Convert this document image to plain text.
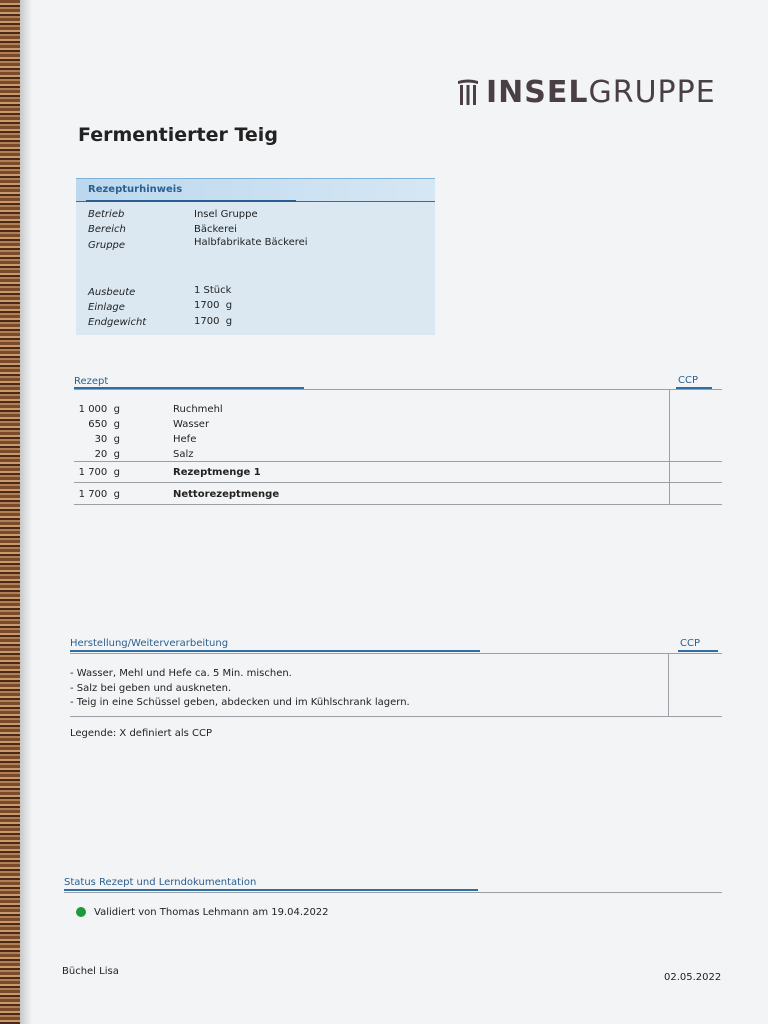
INSELGRUPPE
Fermentierter Teig
Rezepturhinweis
Betrieb	Insel Gruppe
Bereich	Bäckerei
Gruppe	Halbfabrikate Bäckerei
Ausbeute	1 Stück
Einlage	1700  g
Endgewicht	1700  g
Rezept	CCP
1 000  g	Ruchmehl
650  g	Wasser
30  g	Hefe
20  g	Salz
1 700  g	Rezeptmenge 1
1 700  g	Nettorezeptmenge
Herstellung/Weiterverarbeitung	CCP
- Wasser, Mehl und Hefe ca. 5 Min. mischen.
- Salz bei geben und auskneten.
- Teig in eine Schüssel geben, abdecken und im Kühlschrank lagern.
Legende: X definiert als CCP
Status Rezept und Lerndokumentation
Validiert von Thomas Lehmann am 19.04.2022
Büchel Lisa
02.05.2022
